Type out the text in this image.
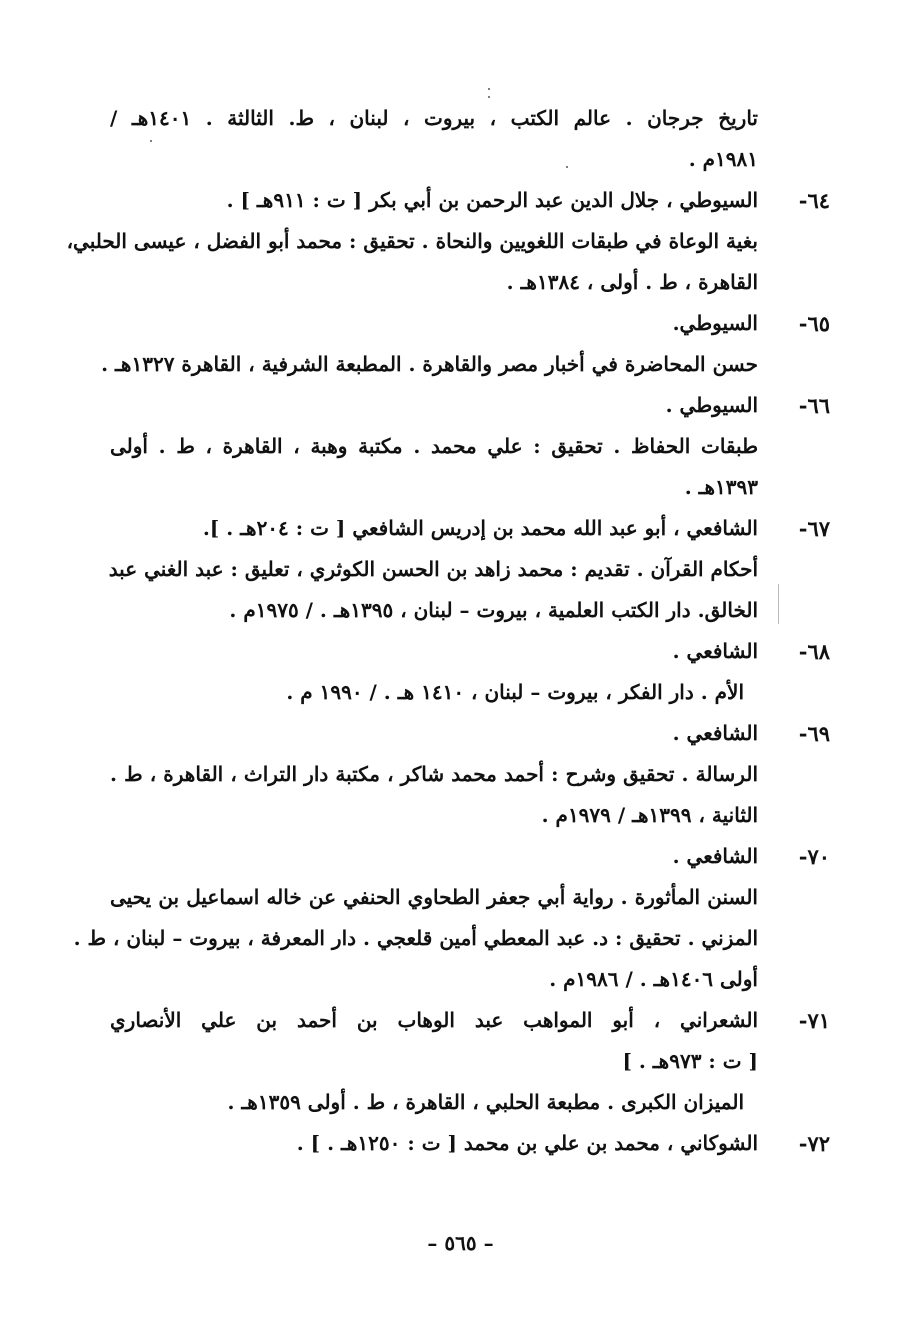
تاريخ جرجان . عالم الكتب ، بيروت ، لبنان ، ط. الثالثة . ١٤٠١هـ /
١٩٨١م .
٦٤-
السيوطي ، جلال الدين عبد الرحمن بن أبي بكر [ ت : ٩١١هـ ] .
بغية الوعاة في طبقات اللغويين والنحاة . تحقيق : محمد أبو الفضل ، عيسى الحلبي،
القاهرة ، ط . أولى ، ١٣٨٤هـ .
٦٥-
السيوطي.
حسن المحاضرة في أخبار مصر والقاهرة . المطبعة الشرفية ، القاهرة ١٣٢٧هـ .
٦٦-
السيوطي .
طبقات الحفاظ . تحقيق : علي محمد . مكتبة وهبة ، القاهرة ، ط . أولى
١٣٩٣هـ .
٦٧-
الشافعي ، أبو عبد الله محمد بن إدريس الشافعي [ ت : ٢٠٤هـ . ].
أحكام القرآن . تقديم : محمد زاهد بن الحسن الكوثري ، تعليق : عبد الغني عبد
الخالق. دار الكتب العلمية ، بيروت – لبنان ، ١٣٩٥هـ . / ١٩٧٥م .
٦٨-
الشافعي .
الأم . دار الفكر ، بيروت – لبنان ، ١٤١٠ هـ . / ١٩٩٠ م .
٦٩-
الشافعي .
الرسالة . تحقيق وشرح : أحمد محمد شاكر ، مكتبة دار التراث ، القاهرة ، ط .
الثانية ، ١٣٩٩هـ / ١٩٧٩م .
٧٠-
الشافعي .
السنن المأثورة . رواية أبي جعفر الطحاوي الحنفي عن خاله اسماعيل بن يحيى
المزني . تحقيق : د. عبد المعطي أمين قلعجي . دار المعرفة ، بيروت – لبنان ، ط .
أولى ١٤٠٦هـ . / ١٩٨٦م .
٧١-
الشعراني ، أبو المواهب عبد الوهاب بن أحمد بن علي الأنصاري
[ ت : ٩٧٣هـ . ]
الميزان الكبرى . مطبعة الحلبي ، القاهرة ، ط . أولى ١٣٥٩هـ .
٧٢-
الشوكاني ، محمد بن علي بن محمد [ ت : ١٢٥٠هـ . ] .
– ٥٦٥ –
